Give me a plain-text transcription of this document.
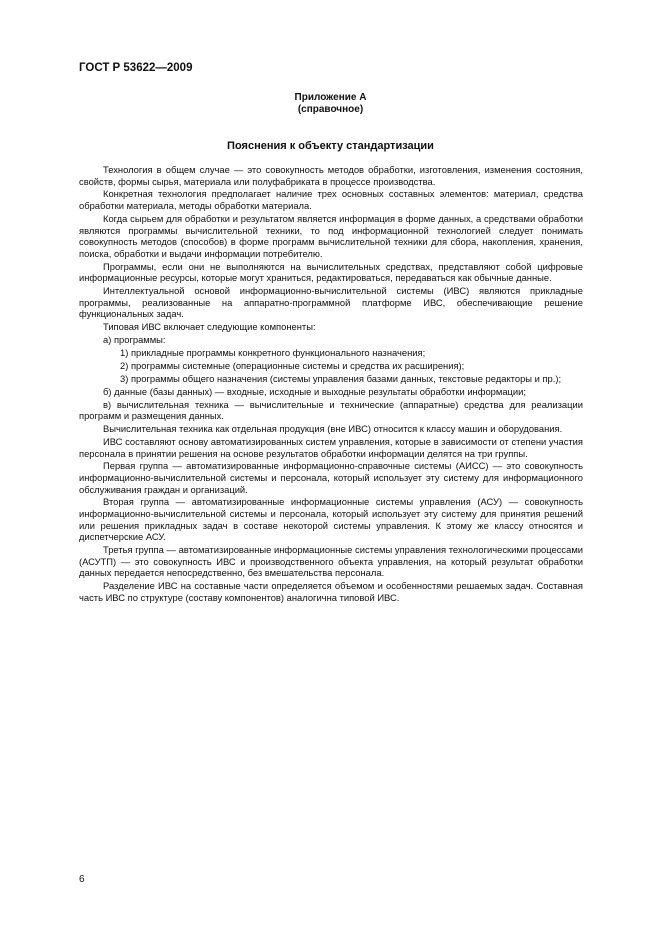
ГОСТ Р 53622—2009
Приложение А
(справочное)
Пояснения к объекту стандартизации

Технология в общем случае — это совокупность методов обработки, изготовления, изменения состояния, свойств, формы сырья, материала или полуфабриката в процессе производства.

Конкретная технология предполагает наличие трех основных составных элементов: материал, средства обработки материала, методы обработки материала.

Когда сырьем для обработки и результатом является информация в форме данных, а средствами обработки являются программы вычислительной техники, то под информационной технологией следует понимать совокупность методов (способов) в форме программ вычислительной техники для сбора, накопления, хранения, поиска, обработки и выдачи информации потребителю.

Программы, если они не выполняются на вычислительных средствах, представляют собой цифровые информационные ресурсы, которые могут храниться, редактироваться, передаваться как обычные данные.

Интеллектуальной основой информационно-вычислительной системы (ИВС) являются прикладные программы, реализованные на аппаратно-программной платформе ИВС, обеспечивающие решение функциональных задач.

Типовая ИВС включает следующие компоненты:

а) программы:

1) прикладные программы конкретного функционального назначения;

2) программы системные (операционные системы и средства их расширения);

3) программы общего назначения (системы управления базами данных, текстовые редакторы и пр.);

б) данные (базы данных) — входные, исходные и выходные результаты обработки информации;

в) вычислительная техника — вычислительные и технические (аппаратные) средства для реализации программ и размещения данных.

Вычислительная техника как отдельная продукция (вне ИВС) относится к классу машин и оборудования.

ИВС составляют основу автоматизированных систем управления, которые в зависимости от степени участия персонала в принятии решения на основе результатов обработки информации делятся на три группы.

Первая группа — автоматизированные информационно-справочные системы (АИСС) — это совокупность информационно-вычислительной системы и персонала, который использует эту систему для информационного обслуживания граждан и организаций.

Вторая группа — автоматизированные информационные системы управления (АСУ) — совокупность информационно-вычислительной системы и персонала, который использует эту систему для принятия решений или решения прикладных задач в составе некоторой системы управления. К этому же классу относятся и диспетчерские АСУ.

Третья группа — автоматизированные информационные системы управления технологическими процессами (АСУТП) — это совокупность ИВС и производственного объекта управления, на который результат обработки данных передается непосредственно, без вмешательства персонала.

Разделение ИВС на составные части определяется объемом и особенностями решаемых задач. Составная часть ИВС по структуре (составу компонентов) аналогична типовой ИВС.

6
